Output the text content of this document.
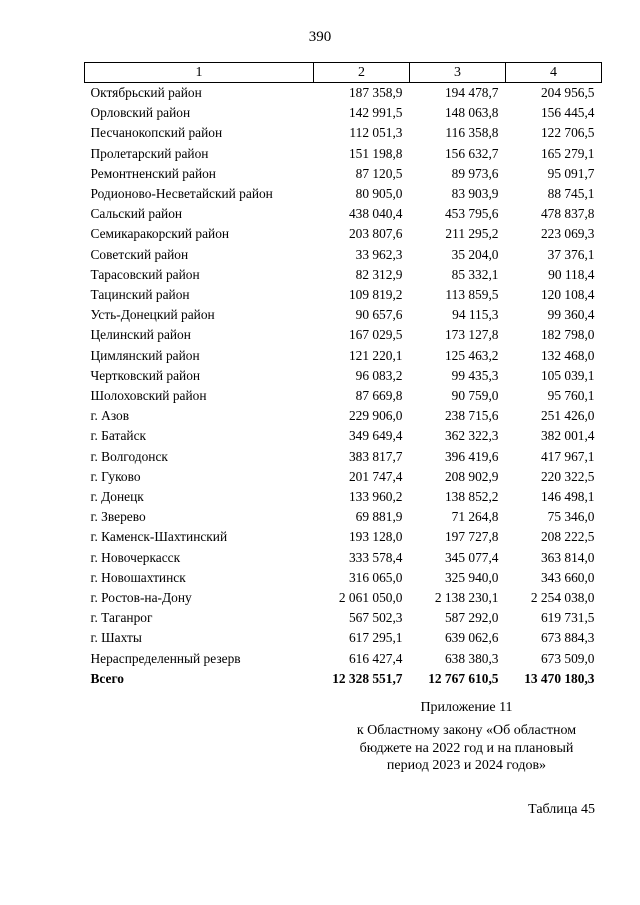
390
1	2	3	4
Октябрьский район	187 358,9	194 478,7	204 956,5
Орловский район	142 991,5	148 063,8	156 445,4
Песчанокопский район	112 051,3	116 358,8	122 706,5
Пролетарский район	151 198,8	156 632,7	165 279,1
Ремонтненский район	87 120,5	89 973,6	95 091,7
Родионово-Несветайский район	80 905,0	83 903,9	88 745,1
Сальский район	438 040,4	453 795,6	478 837,8
Семикаракорский район	203 807,6	211 295,2	223 069,3
Советский район	33 962,3	35 204,0	37 376,1
Тарасовский район	82 312,9	85 332,1	90 118,4
Тацинский район	109 819,2	113 859,5	120 108,4
Усть-Донецкий район	90 657,6	94 115,3	99 360,4
Целинский район	167 029,5	173 127,8	182 798,0
Цимлянский район	121 220,1	125 463,2	132 468,0
Чертковский район	96 083,2	99 435,3	105 039,1
Шолоховский район	87 669,8	90 759,0	95 760,1
г. Азов	229 906,0	238 715,6	251 426,0
г. Батайск	349 649,4	362 322,3	382 001,4
г. Волгодонск	383 817,7	396 419,6	417 967,1
г. Гуково	201 747,4	208 902,9	220 322,5
г. Донецк	133 960,2	138 852,2	146 498,1
г. Зверево	69 881,9	71 264,8	75 346,0
г. Каменск-Шахтинский	193 128,0	197 727,8	208 222,5
г. Новочеркасск	333 578,4	345 077,4	363 814,0
г. Новошахтинск	316 065,0	325 940,0	343 660,0
г. Ростов-на-Дону	2 061 050,0	2 138 230,1	2 254 038,0
г. Таганрог	567 502,3	587 292,0	619 731,5
г. Шахты	617 295,1	639 062,6	673 884,3
Нераспределенный резерв	616 427,4	638 380,3	673 509,0
Всего	12 328 551,7	12 767 610,5	13 470 180,3
Приложение 11
к Областному закону «Об областном бюджете на 2022 год и на плановый период 2023 и 2024 годов»
Таблица 45
